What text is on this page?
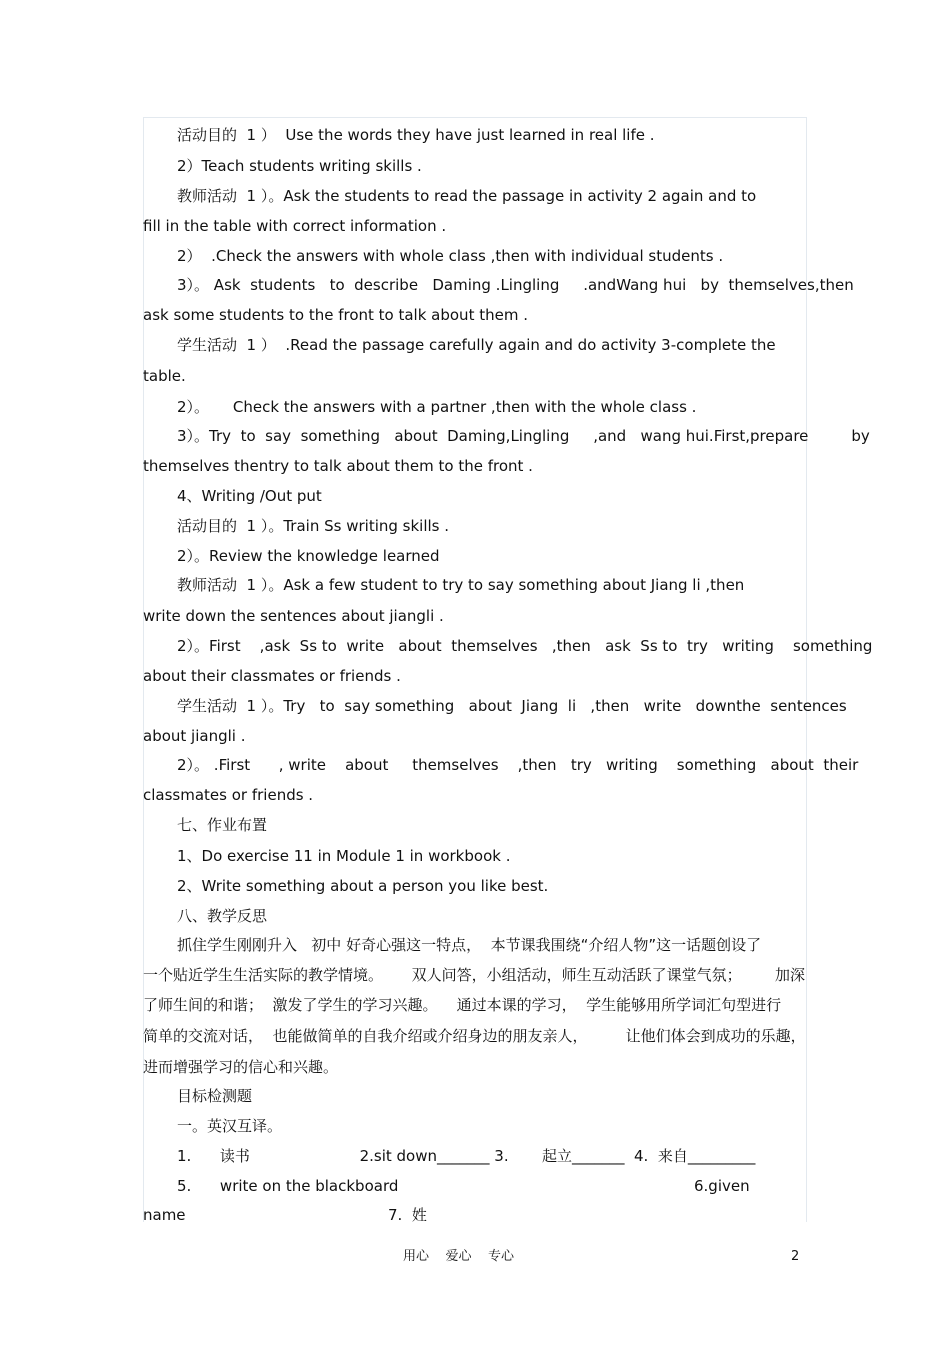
活动目的  1 ）  Use the words they have just learned in real life .

2）Teach students writing skills .

教师活动  1 ）。Ask the students to read the passage in activity 2 again and to

fill in the table with correct information .

2）  .Check the answers with whole class ,then with individual students .

3）。 Ask  students   to  describe   Daming .Lingling     .andWang hui   by  themselves,then

ask some students to the front to talk about them .

学生活动  1 ）  .Read the passage carefully again and do activity 3-complete the

table.

2）。     Check the answers with a partner ,then with the whole class .

3）。Try  to  say  something   about  Daming,Lingling     ,and   wang hui.First,prepare         by

themselves thentry to talk about them to the front .

4、Writing /Out put

活动目的  1 ）。Train Ss writing skills .

2）。Review the knowledge learned

教师活动  1 ）。Ask a few student to try to say something about Jiang li ,then

write down the sentences about jiangli .

2）。First    ,ask  Ss to  write   about  themselves   ,then   ask  Ss to  try   writing    something

about their classmates or friends .

学生活动  1 ）。Try   to  say something   about  Jiang  li   ,then   write   downthe  sentences

about jiangli .

2）。 .First      , write    about     themselves    ,then   try   writing    something   about  their

classmates or friends .

七、作业布置

1、Do exercise 11 in Module 1 in workbook .

2、Write something about a person you like best.

八、教学反思

抓住学生刚刚升入   初中 好奇心强这一特点，  本节课我围绕“介绍人物”这一话题创设了

一个贴近学生生活实际的教学情境。      双人问答，小组活动，师生互动活跃了课堂气氛；       加深

了师生间的和谐；  激发了学生的学习兴趣。    通过本课的学习，  学生能够用所学词汇句型进行

简单的交流对话，  也能做简单的自我介绍或介绍身边的朋友亲人，        让他们体会到成功的乐趣，

进而增强学习的信心和兴趣。

目标检测题

一。英汉互译。

1.      读书                       2.sit down_______ 3.       起立_______  4.  来自_________

5.      write on the blackboard	6.given

name	7.  姓

用心    爱心    专心	2
